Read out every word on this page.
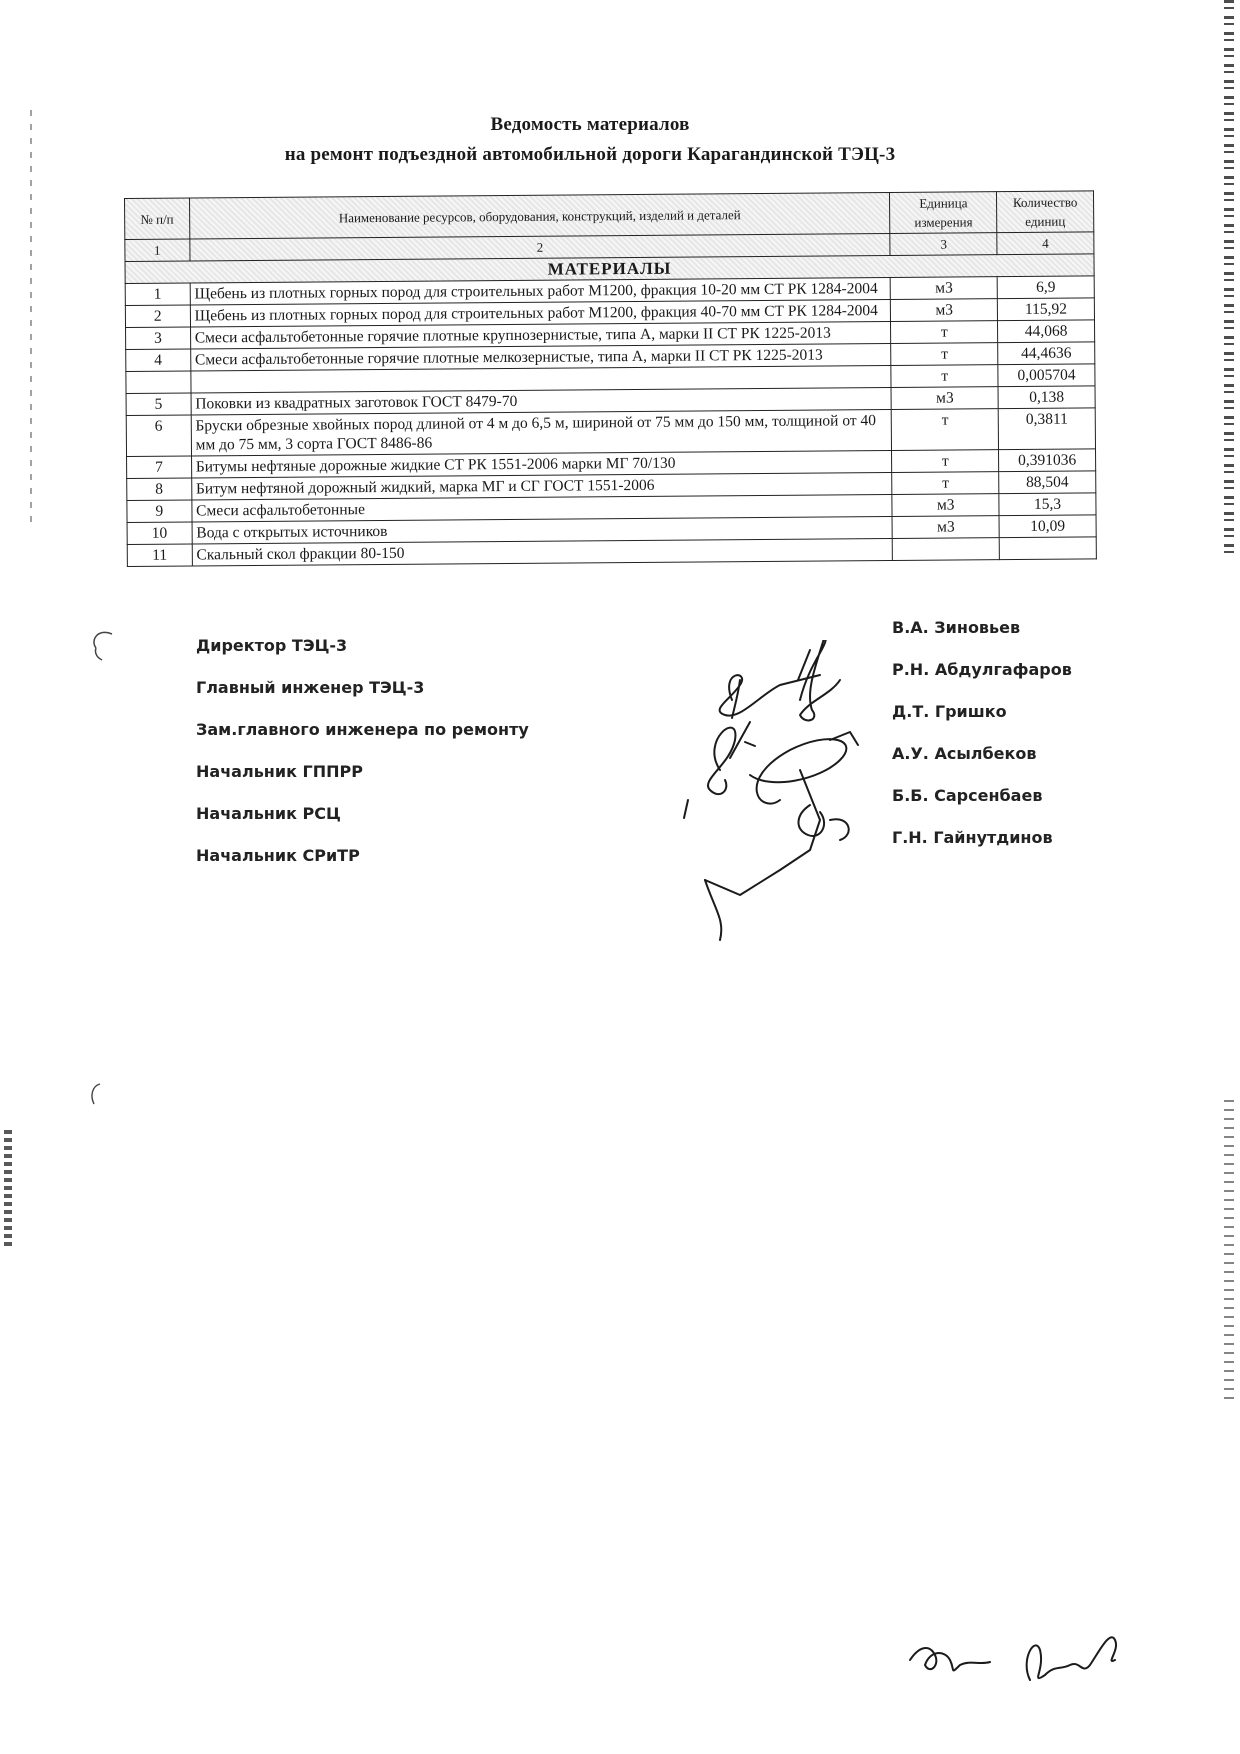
Ведомость материалов
на ремонт подъездной автомобильной дороги Карагандинской ТЭЦ-3
№ п/п	Наименование ресурсов, оборудования, конструкций, изделий и деталей	Единица измерения	Количество единиц
1	2	3	4
МАТЕРИАЛЫ			
1	Щебень из плотных горных пород для строительных работ М1200, фракция 10-20 мм СТ РК 1284-2004	м3	6,9
2	Щебень из плотных горных пород для строительных работ М1200, фракция 40-70 мм СТ РК 1284-2004	м3	115,92
3	Смеси асфальтобетонные горячие плотные крупнозернистые, типа А, марки II СТ РК 1225-2013	т	44,068
4	Смеси асфальтобетонные горячие плотные мелкозернистые, типа А, марки II СТ РК 1225-2013	т	44,4636
		т	0,005704
5	Поковки из квадратных заготовок ГОСТ 8479-70	м3	0,138
6	Бруски обрезные хвойных пород длиной от 4 м до 6,5 м, шириной от 75 мм до 150 мм, толщиной от 40 мм до 75 мм, 3 сорта ГОСТ 8486-86	т	0,3811
7	Битумы нефтяные дорожные жидкие СТ РК 1551-2006 марки МГ 70/130	т	0,391036
8	Битум нефтяной дорожный жидкий, марка МГ и СГ ГОСТ 1551-2006	т	88,504
9	Смеси асфальтобетонные	м3	15,3
10	Вода с открытых источников	м3	10,09
11	Скальный скол фракции 80-150		
Директор ТЭЦ-3
Главный инженер ТЭЦ-3
Зам.главного инженера по ремонту
Начальник ГППРР
Начальник РСЦ
Начальник СРиТР
В.А. Зиновьев
Р.Н. Абдулгафаров
Д.Т. Гришко
А.У. Асылбеков
Б.Б. Сарсенбаев
Г.Н. Гайнутдинов
